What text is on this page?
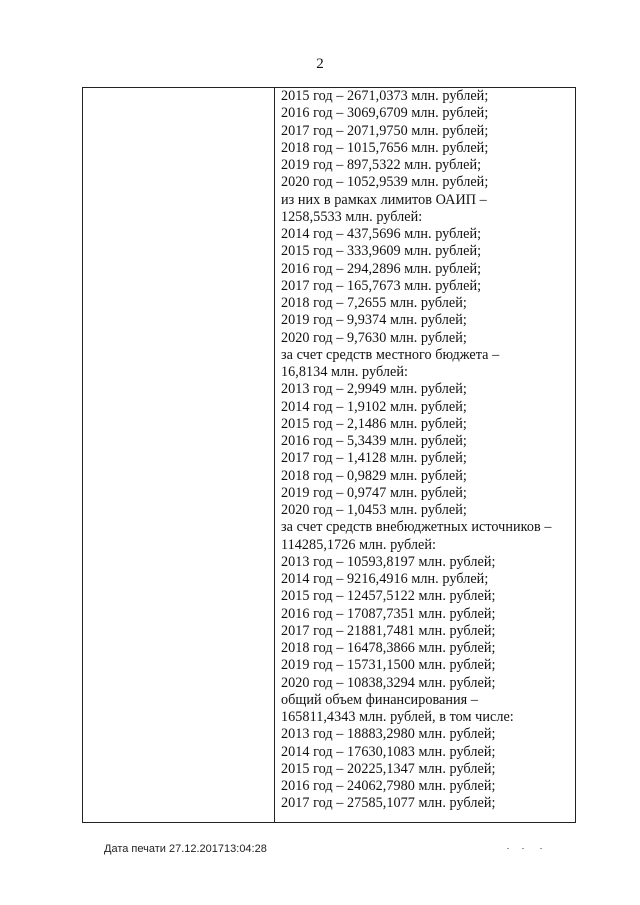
2

2015 год – 2671,0373 млн. рублей;
2016 год – 3069,6709 млн. рублей;
2017 год – 2071,9750 млн. рублей;
2018 год – 1015,7656 млн. рублей;
2019 год – 897,5322 млн. рублей;
2020 год – 1052,9539 млн. рублей;
из них в рамках лимитов ОАИП –
1258,5533 млн. рублей:
2014 год – 437,5696 млн. рублей;
2015 год – 333,9609 млн. рублей;
2016 год – 294,2896 млн. рублей;
2017 год – 165,7673 млн. рублей;
2018 год – 7,2655 млн. рублей;
2019 год – 9,9374 млн. рублей;
2020 год – 9,7630 млн. рублей;
за счет средств местного бюджета –
16,8134 млн. рублей:
2013 год – 2,9949 млн. рублей;
2014 год – 1,9102 млн. рублей;
2015 год – 2,1486 млн. рублей;
2016 год – 5,3439 млн. рублей;
2017 год – 1,4128 млн. рублей;
2018 год – 0,9829 млн. рублей;
2019 год – 0,9747 млн. рублей;
2020 год – 1,0453 млн. рублей;
за счет средств внебюджетных источников –
114285,1726 млн. рублей:
2013 год – 10593,8197 млн. рублей;
2014 год – 9216,4916 млн. рублей;
2015 год – 12457,5122 млн. рублей;
2016 год – 17087,7351 млн. рублей;
2017 год – 21881,7481 млн. рублей;
2018 год – 16478,3866 млн. рублей;
2019 год – 15731,1500 млн. рублей;
2020 год – 10838,3294 млн. рублей;
общий объем финансирования –
165811,4343 млн. рублей, в том числе:
2013 год – 18883,2980 млн. рублей;
2014 год – 17630,1083 млн. рублей;
2015 год – 20225,1347 млн. рублей;
2016 год – 24062,7980 млн. рублей;
2017 год – 27585,1077 млн. рублей;
Дата печати 27.12.201713:04:28
